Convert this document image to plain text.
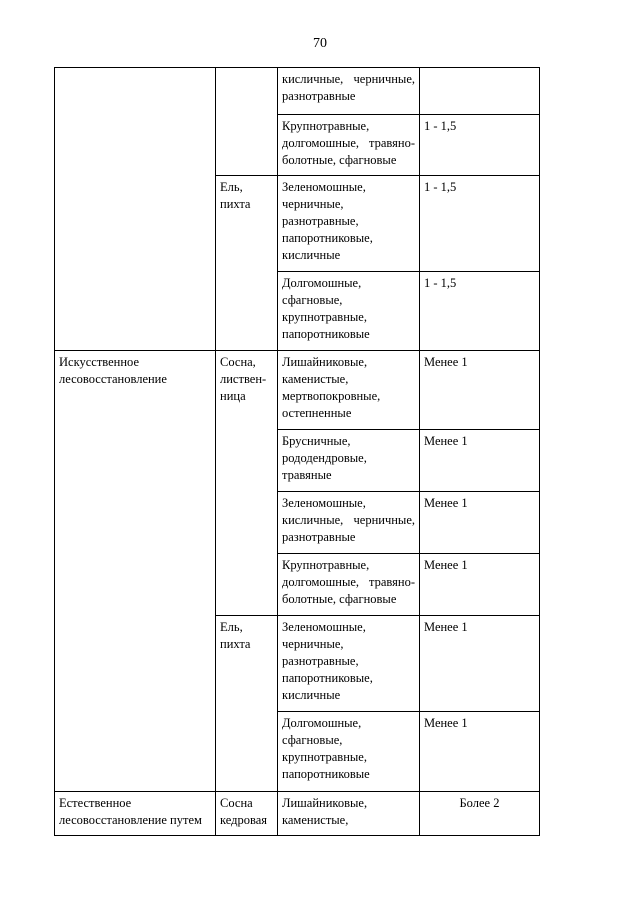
70
		кисличные, черничные, разнотравные	
		Крупнотравные, долгомошные, травяно-болотные, сфагновые	1 - 1,5
	Ель, пихта	Зеленомошные, черничные, разнотравные, папоротниковые, кисличные	1 - 1,5
		Долгомошные, сфагновые, крупнотравные, папоротниковые	1 - 1,5
Искусственное лесовосстановление	Сосна, листвен-ница	Лишайниковые, каменистые, мертвопокровные, остепненные	Менее 1
		Брусничные, рододендровые, травяные	Менее 1
		Зеленомошные, кисличные, черничные, разнотравные	Менее 1
		Крупнотравные, долгомошные, травяно-болотные, сфагновые	Менее 1
	Ель, пихта	Зеленомошные, черничные, разнотравные, папоротниковые, кисличные	Менее 1
		Долгомошные, сфагновые, крупнотравные, папоротниковые	Менее 1
Естественное лесовосстановление путем	Сосна кедровая	Лишайниковые, каменистые,	Более 2
